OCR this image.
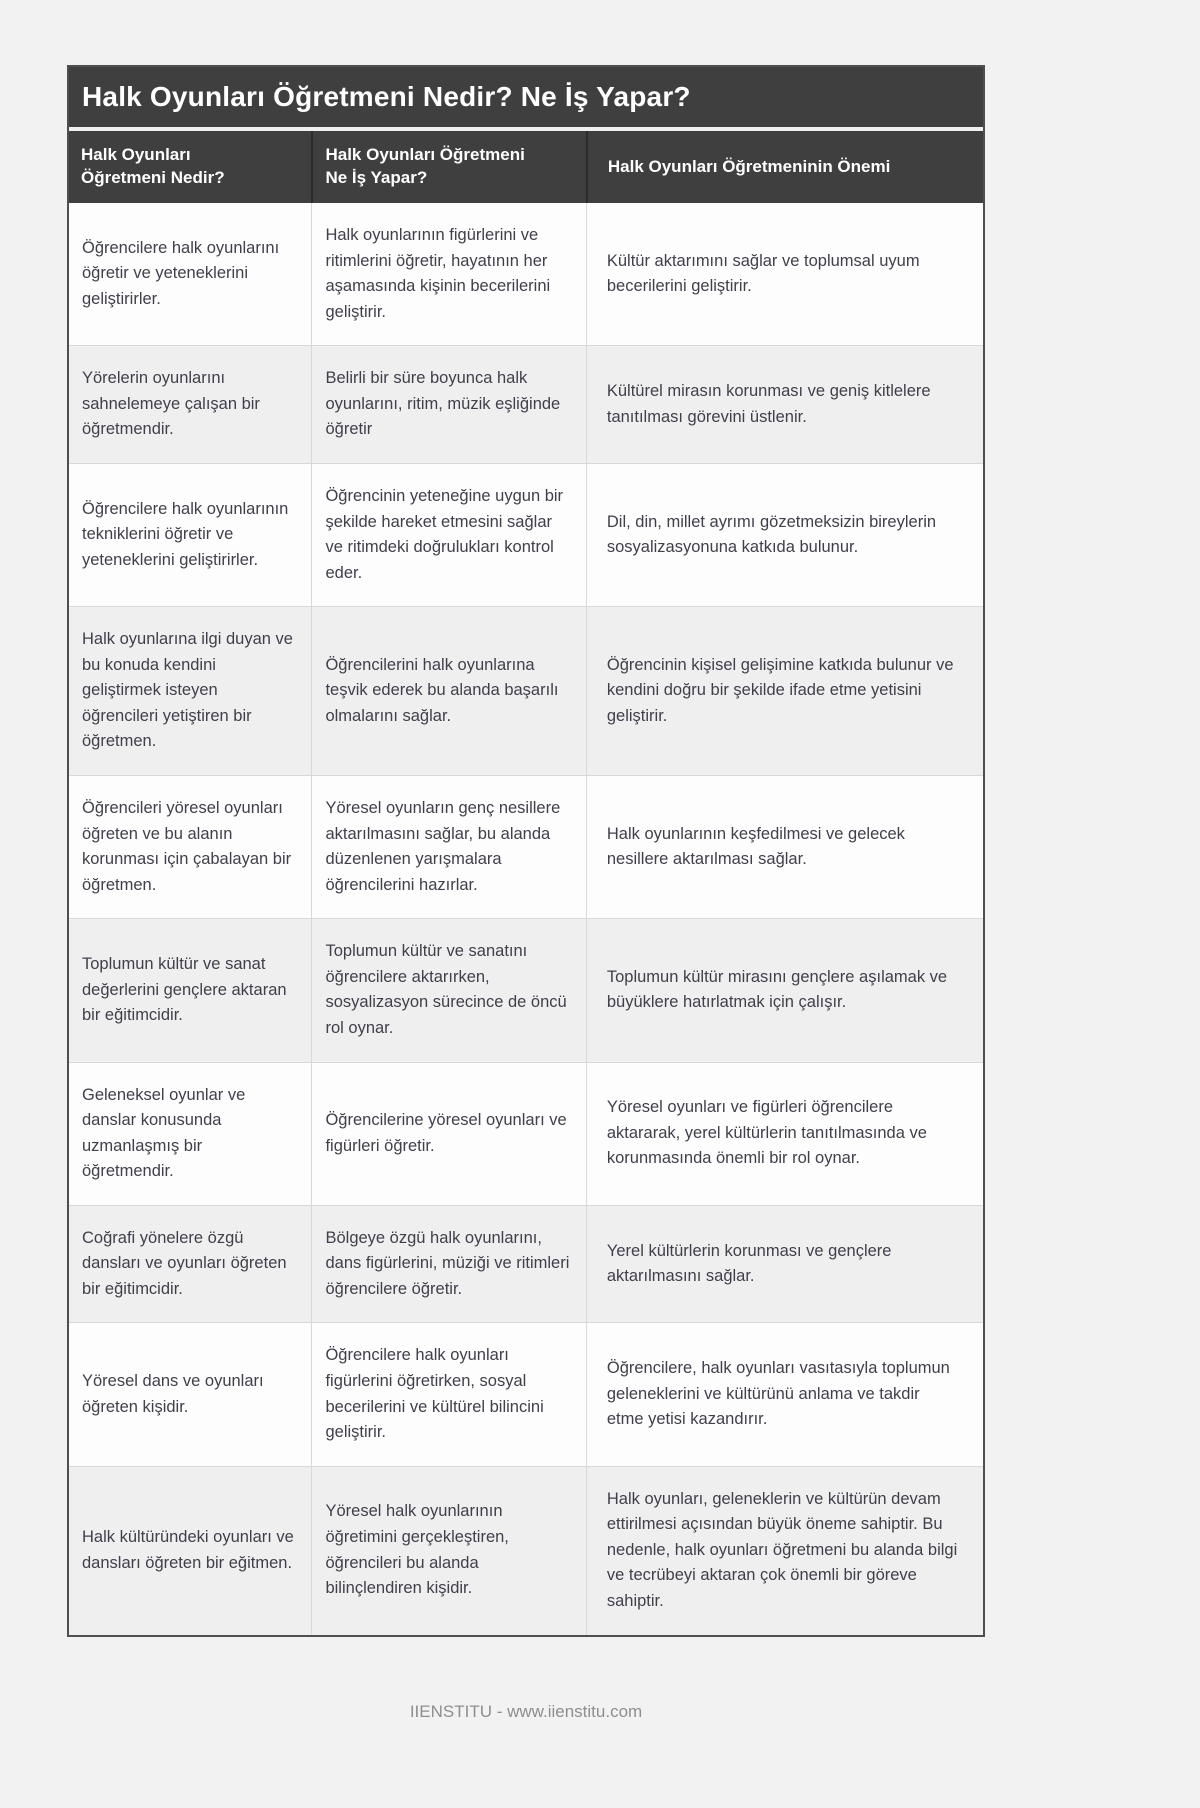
Halk Oyunları Öğretmeni Nedir? Ne İş Yapar?
Halk Oyunları Öğretmeni Nedir?
Halk Oyunları Öğretmeni Ne İş Yapar?
Halk Oyunları Öğretmeninin Önemi
Öğrencilere halk oyunlarını öğretir ve yeteneklerini geliştirirler.
Halk oyunlarının figürlerini ve ritimlerini öğretir, hayatının her aşamasında kişinin becerilerini geliştirir.
Kültür aktarımını sağlar ve toplumsal uyum becerilerini geliştirir.
Yörelerin oyunlarını sahnelemeye çalışan bir öğretmendir.
Belirli bir süre boyunca halk oyunlarını, ritim, müzik eşliğinde öğretir
Kültürel mirasın korunması ve geniş kitlelere tanıtılması görevini üstlenir.
Öğrencilere halk oyunlarının tekniklerini öğretir ve yeteneklerini geliştirirler.
Öğrencinin yeteneğine uygun bir şekilde hareket etmesini sağlar ve ritimdeki doğrulukları kontrol eder.
Dil, din, millet ayrımı gözetmeksizin bireylerin sosyalizasyonuna katkıda bulunur.
Halk oyunlarına ilgi duyan ve bu konuda kendini geliştirmek isteyen öğrencileri yetiştiren bir öğretmen.
Öğrencilerini halk oyunlarına teşvik ederek bu alanda başarılı olmalarını sağlar.
Öğrencinin kişisel gelişimine katkıda bulunur ve kendini doğru bir şekilde ifade etme yetisini geliştirir.
Öğrencileri yöresel oyunları öğreten ve bu alanın korunması için çabalayan bir öğretmen.
Yöresel oyunların genç nesillere aktarılmasını sağlar, bu alanda düzenlenen yarışmalara öğrencilerini hazırlar.
Halk oyunlarının keşfedilmesi ve gelecek nesillere aktarılması sağlar.
Toplumun kültür ve sanat değerlerini gençlere aktaran bir eğitimcidir.
Toplumun kültür ve sanatını öğrencilere aktarırken, sosyalizasyon sürecince de öncü rol oynar.
Toplumun kültür mirasını gençlere aşılamak ve büyüklere hatırlatmak için çalışır.
Geleneksel oyunlar ve danslar konusunda uzmanlaşmış bir öğretmendir.
Öğrencilerine yöresel oyunları ve figürleri öğretir.
Yöresel oyunları ve figürleri öğrencilere aktararak, yerel kültürlerin tanıtılmasında ve korunmasında önemli bir rol oynar.
Coğrafi yönelere özgü dansları ve oyunları öğreten bir eğitimcidir.
Bölgeye özgü halk oyunlarını, dans figürlerini, müziği ve ritimleri öğrencilere öğretir.
Yerel kültürlerin korunması ve gençlere aktarılmasını sağlar.
Yöresel dans ve oyunları öğreten kişidir.
Öğrencilere halk oyunları figürlerini öğretirken, sosyal becerilerini ve kültürel bilincini geliştirir.
Öğrencilere, halk oyunları vasıtasıyla toplumun geleneklerini ve kültürünü anlama ve takdir etme yetisi kazandırır.
Halk kültüründeki oyunları ve dansları öğreten bir eğitmen.
Yöresel halk oyunlarının öğretimini gerçekleştiren, öğrencileri bu alanda bilinçlendiren kişidir.
Halk oyunları, geleneklerin ve kültürün devam ettirilmesi açısından büyük öneme sahiptir. Bu nedenle, halk oyunları öğretmeni bu alanda bilgi ve tecrübeyi aktaran çok önemli bir göreve sahiptir.
IIENSTITU - www.iienstitu.com
